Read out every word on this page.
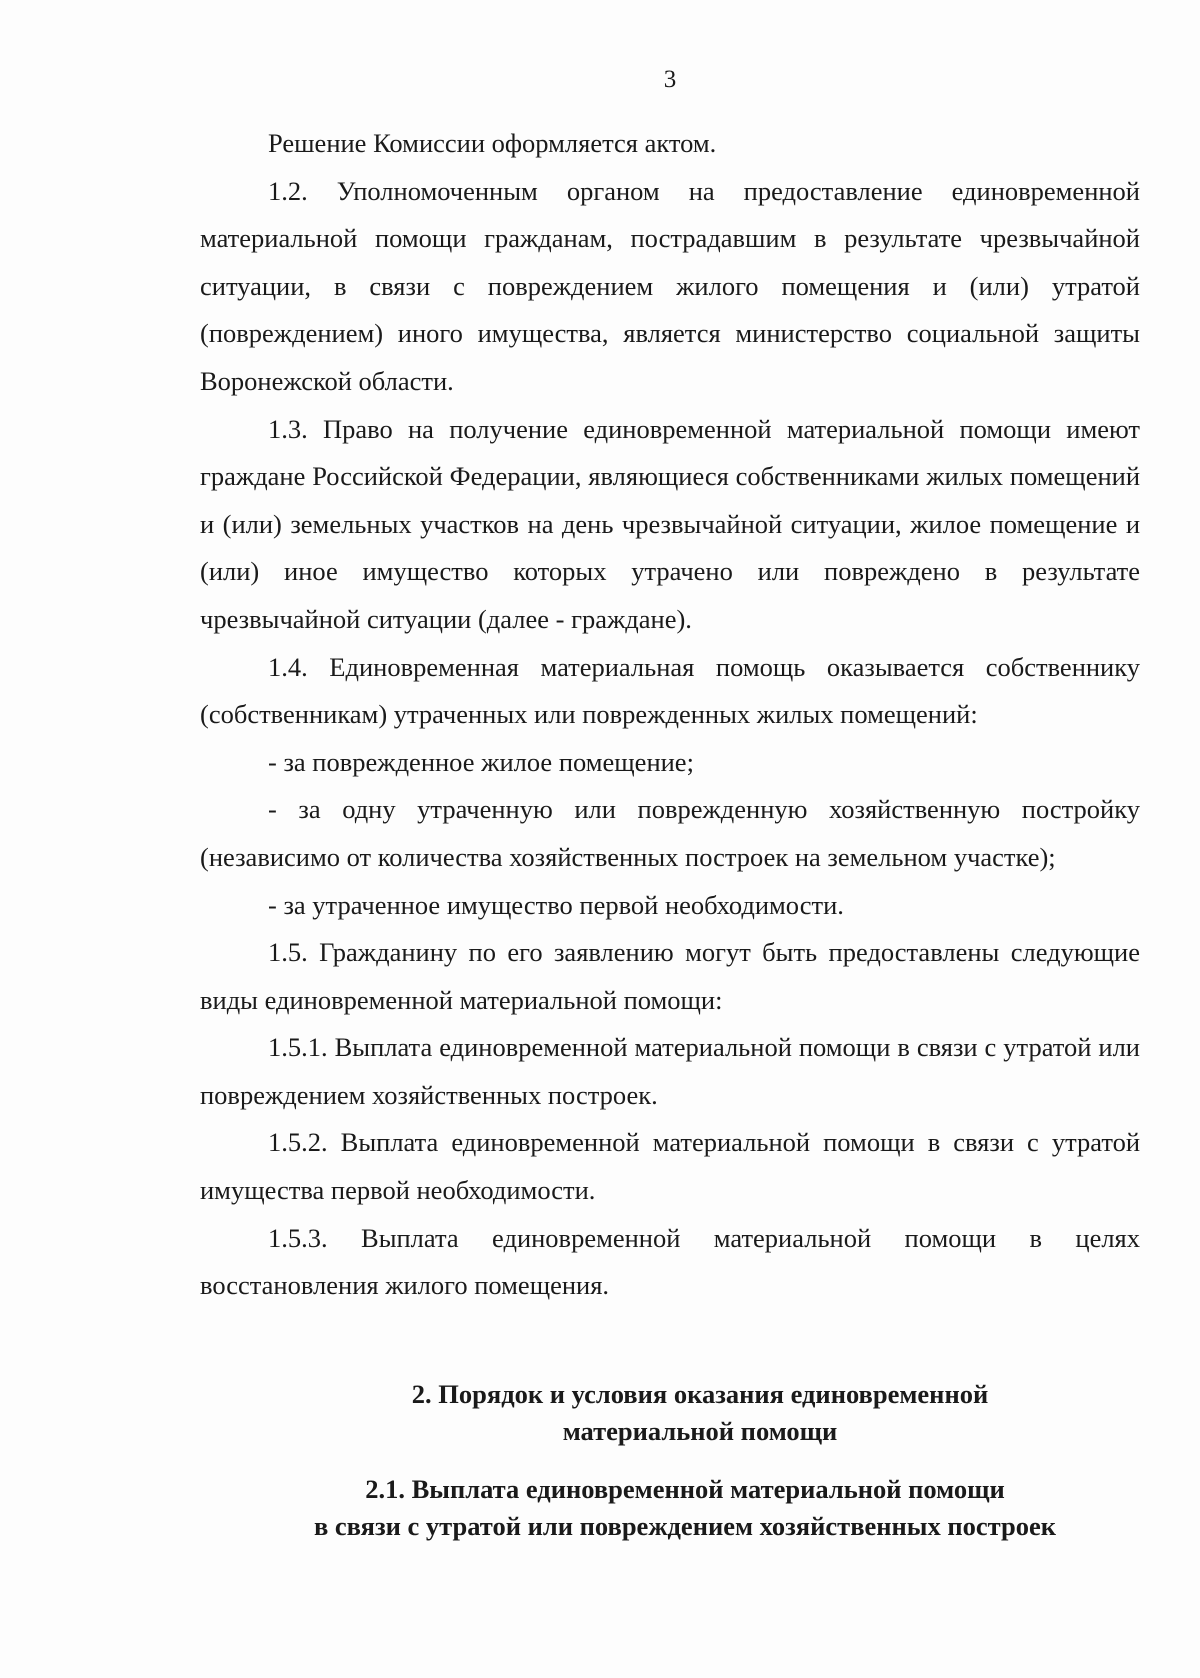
3

Решение Комиссии оформляется актом.

1.2. Уполномоченным органом на предоставление единовременной материальной помощи гражданам, пострадавшим в результате чрезвычайной ситуации, в связи с повреждением жилого помещения и (или) утратой (повреждением) иного имущества, является министерство социальной защиты Воронежской области.

1.3. Право на получение единовременной материальной помощи имеют граждане Российской Федерации, являющиеся собственниками жилых помещений и (или) земельных участков на день чрезвычайной ситуации, жилое помещение и (или) иное имущество которых утрачено или повреждено в результате чрезвычайной ситуации (далее - граждане).

1.4. Единовременная материальная помощь оказывается собственнику (собственникам) утраченных или поврежденных жилых помещений:

- за поврежденное жилое помещение;

- за одну утраченную или поврежденную хозяйственную постройку (независимо от количества хозяйственных построек на земельном участке);

- за утраченное имущество первой необходимости.

1.5. Гражданину по его заявлению могут быть предоставлены следующие виды единовременной материальной помощи:

1.5.1. Выплата единовременной материальной помощи в связи с утратой или повреждением хозяйственных построек.

1.5.2. Выплата единовременной материальной помощи в связи с утратой имущества первой необходимости.

1.5.3. Выплата единовременной материальной помощи в целях восстановления жилого помещения.

2. Порядок и условия оказания единовременной
материальной помощи
2.1. Выплата единовременной материальной помощи
в связи с утратой или повреждением хозяйственных построек
